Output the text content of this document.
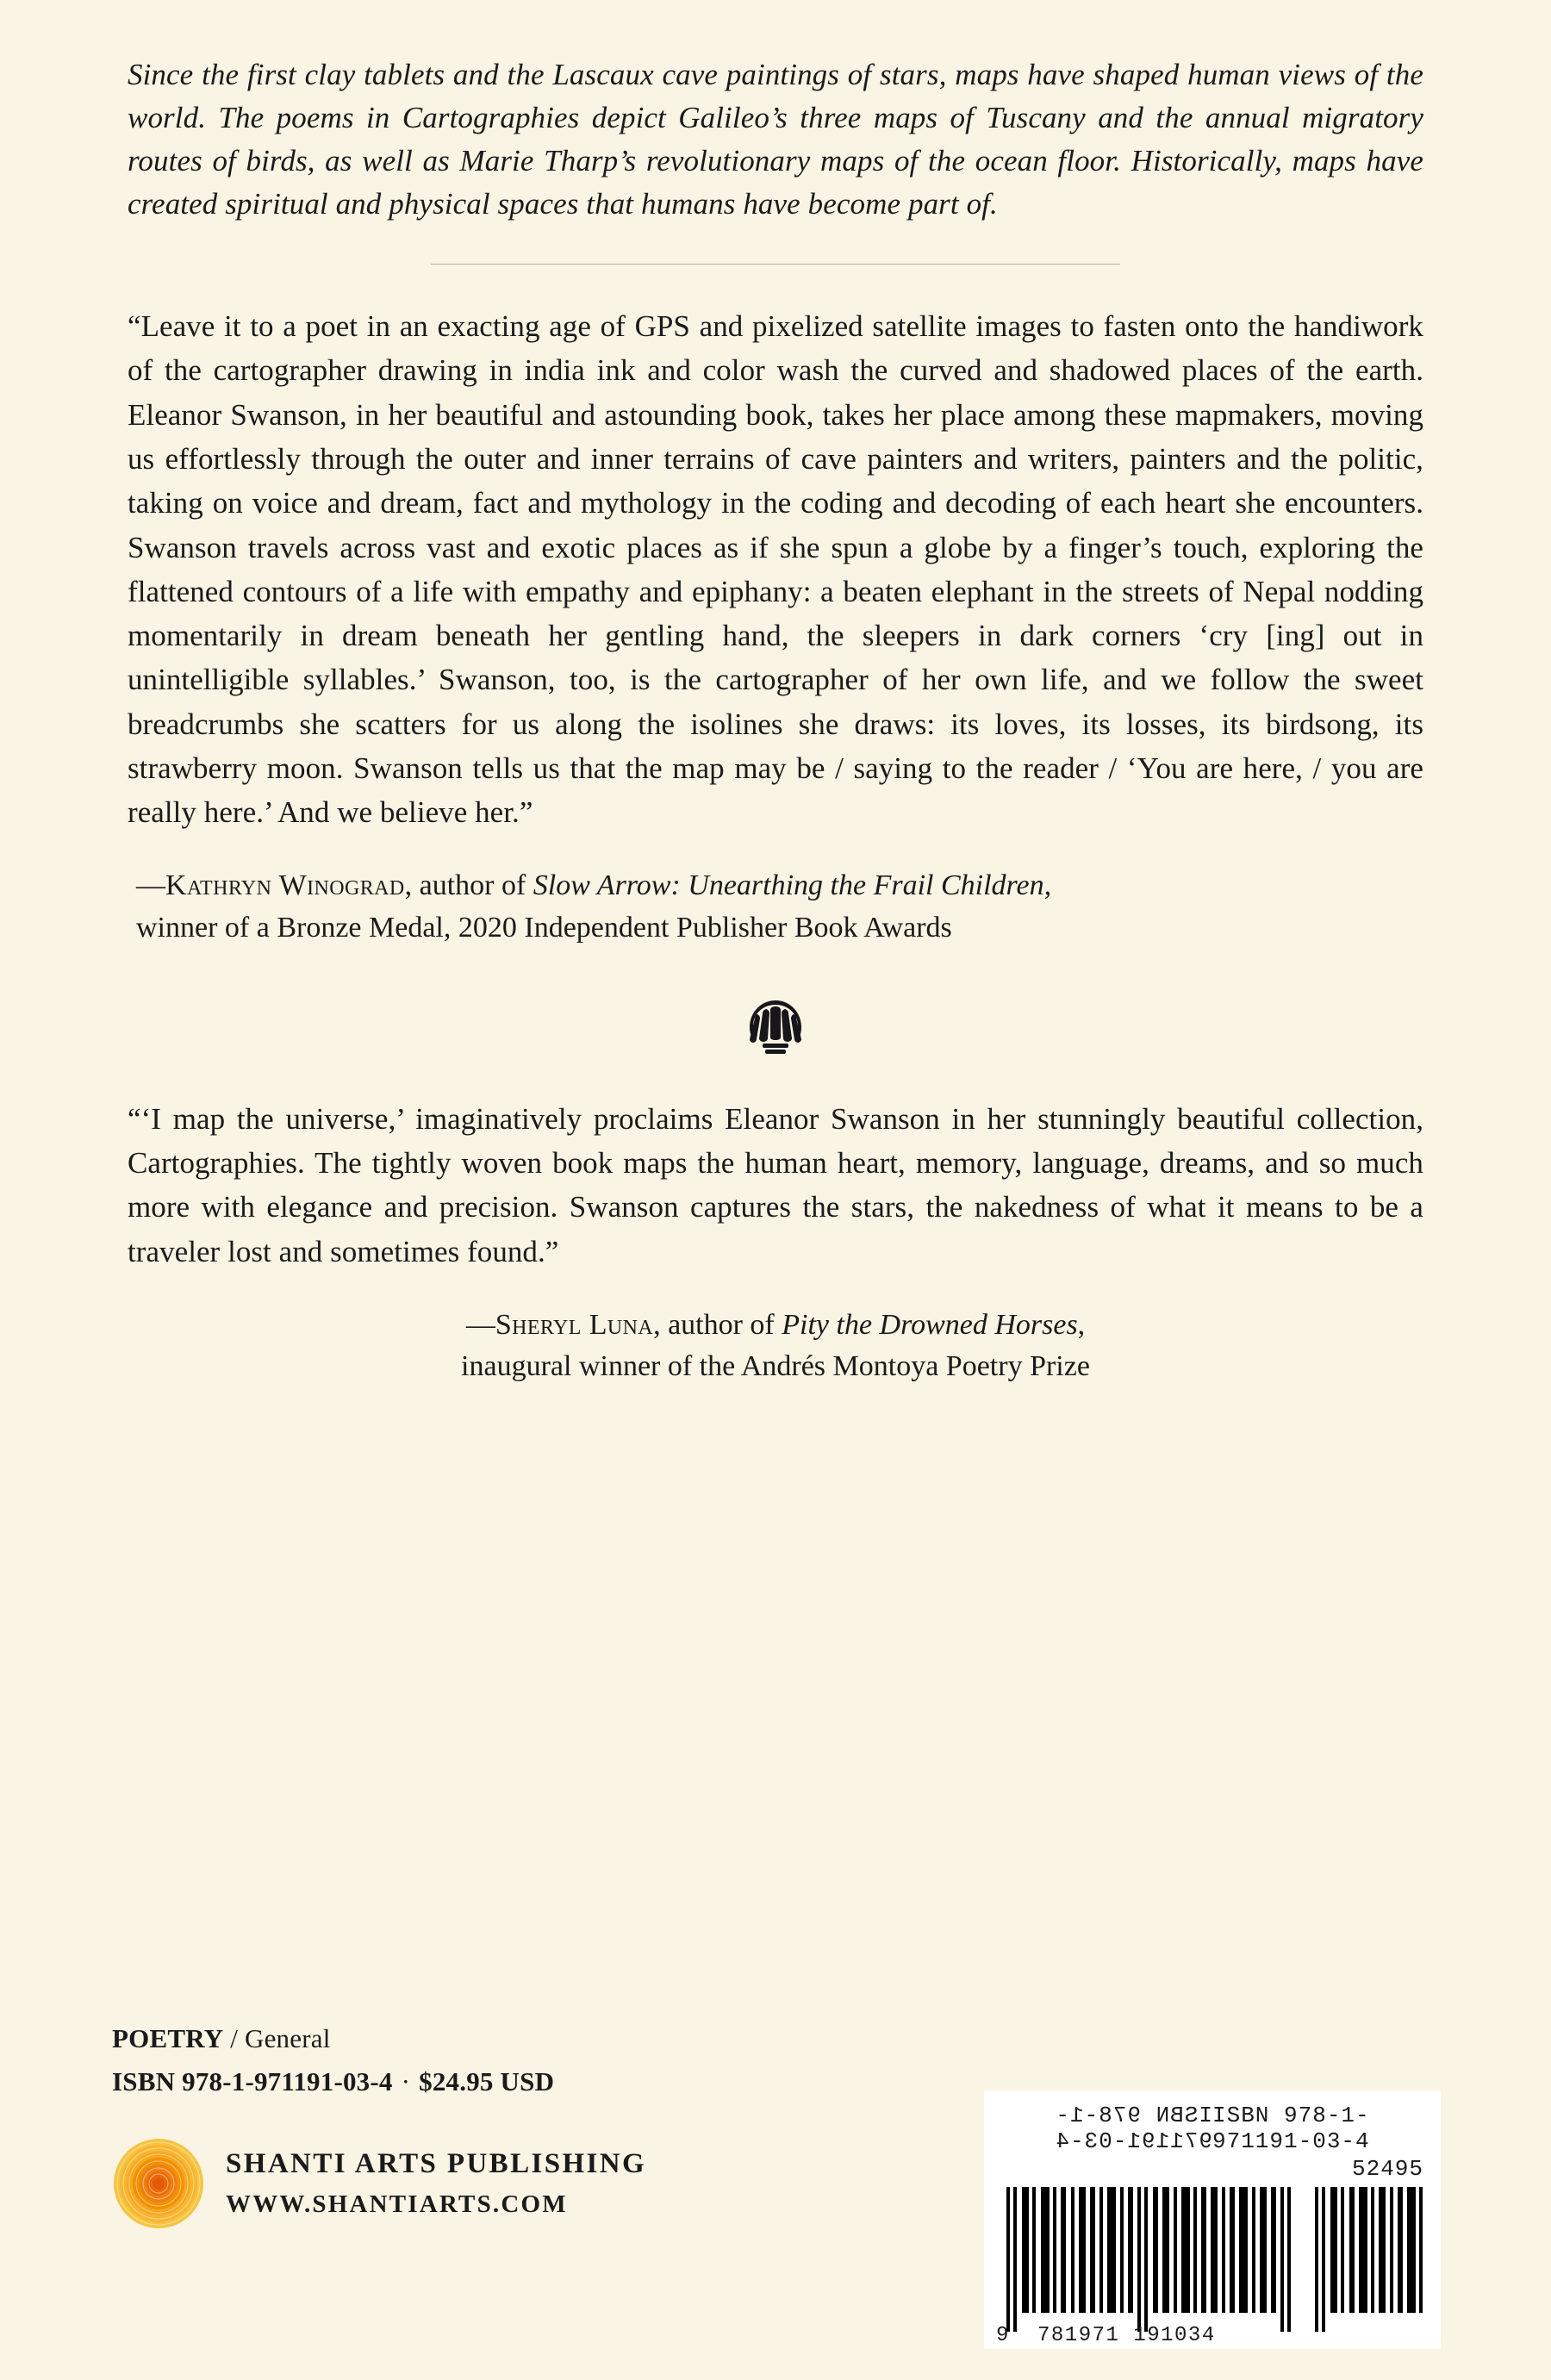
Since the first clay tablets and the Lascaux cave paintings of stars, maps have shaped human views of the world. The poems in Cartographies depict Galileo’s three maps of Tuscany and the annual migratory routes of birds, as well as Marie Tharp’s revolutionary maps of the ocean floor. Historically, maps have created spiritual and physical spaces that humans have become part of.

“Leave it to a poet in an exacting age of GPS and pixelized satellite images to fasten onto the handiwork of the cartographer drawing in india ink and color wash the curved and shadowed places of the earth. Eleanor Swanson, in her beautiful and astounding book, takes her place among these mapmakers, moving us effortlessly through the outer and inner terrains of cave painters and writers, painters and the politic, taking on voice and dream, fact and mythology in the coding and decoding of each heart she encounters. Swanson travels across vast and exotic places as if she spun a globe by a finger’s touch, exploring the flattened contours of a life with empathy and epiphany: a beaten elephant in the streets of Nepal nodding momentarily in dream beneath her gentling hand, the sleepers in dark corners ‘cry [ing] out in unintelligible syllables.’ Swanson, too, is the cartographer of her own life, and we follow the sweet breadcrumbs she scatters for us along the isolines she draws: its loves, its losses, its birdsong, its strawberry moon. Swanson tells us that the map may be / saying to the reader / ‘You are here, / you are really here.’ And we believe her.”

—Kathryn Winograd, author of Slow Arrow: Unearthing the Frail Children,
winner of a Bronze Medal, 2020 Independent Publisher Book Awards

“‘I map the universe,’ imaginatively proclaims Eleanor Swanson in her stunningly beautiful collection, Cartographies. The tightly woven book maps the human heart, memory, language, dreams, and so much more with elegance and precision. Swanson captures the stars, the nakedness of what it means to be a traveler lost and sometimes found.”

—Sheryl Luna, author of Pity the Drowned Horses,
inaugural winner of the Andrés Montoya Poetry Prize

POETRY / General
ISBN 978-1-971191-03-4 · $24.95 USD
SHANTI ARTS PUBLISHING
WWW.SHANTIARTS.COM
ISBN 978-1-971191-03-4
ISBN 978-1-971191-03-4
52495
9 781971 191034
